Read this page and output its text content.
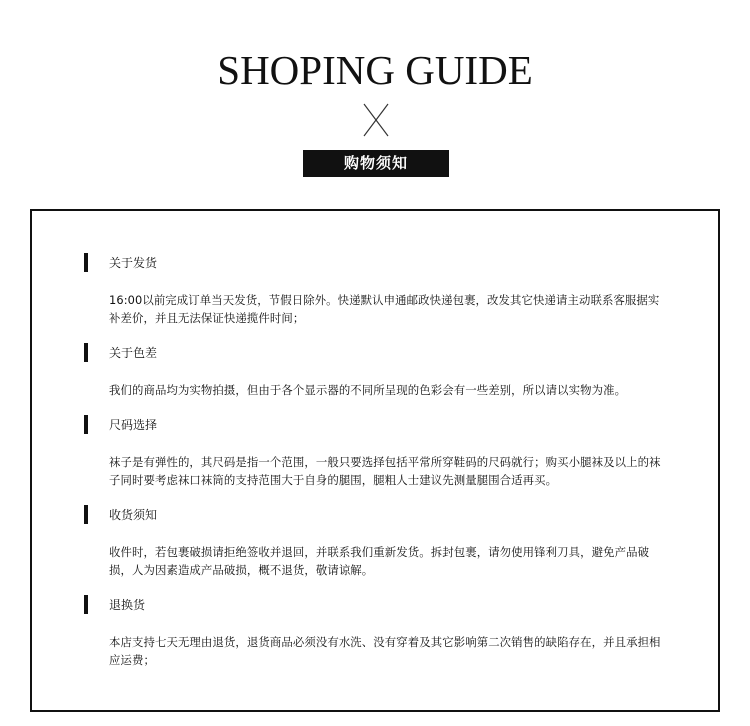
SHOPING GUIDE
购物须知
关于发货
16:00以前完成订单当天发货，节假日除外。快递默认申通邮政快递包裹，改发其它快递请主动联系客服据实补差价，并且无法保证快递揽件时间；
关于色差
我们的商品均为实物拍摄，但由于各个显示器的不同所呈现的色彩会有一些差别，所以请以实物为准。
尺码选择
袜子是有弹性的，其尺码是指一个范围，一般只要选择包括平常所穿鞋码的尺码就行；购买小腿袜及以上的袜子同时要考虑袜口袜筒的支持范围大于自身的腿围，腿粗人士建议先测量腿围合适再买。
收货须知
收件时，若包裹破损请拒绝签收并退回，并联系我们重新发货。拆封包裹，请勿使用锋利刀具，避免产品破损，人为因素造成产品破损，概不退货，敬请谅解。
退换货
本店支持七天无理由退货，退货商品必须没有水洗、没有穿着及其它影响第二次销售的缺陷存在，并且承担相应运费；
